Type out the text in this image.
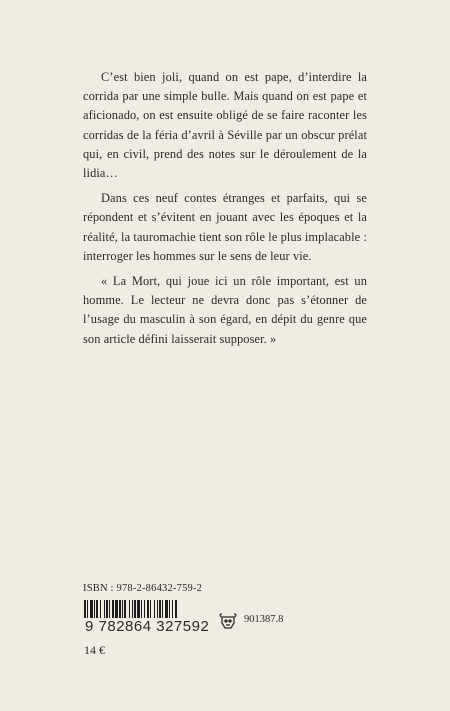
C’est bien joli, quand on est pape, d’interdire la corrida par une simple bulle. Mais quand on est pape et aficionado, on est ensuite obligé de se faire raconter les corridas de la féria d’avril à Séville par un obscur prélat qui, en civil, prend des notes sur le déroulement de la lidia…

Dans ces neuf contes étranges et parfaits, qui se répondent et s’évitent en jouant avec les époques et la réalité, la tauromachie tient son rôle le plus implacable : interroger les hommes sur le sens de leur vie.

« La Mort, qui joue ici un rôle important, est un homme. Le lecteur ne devra donc pas s’étonner de l’usage du masculin à son égard, en dépit du genre que son article défini laisserait supposer. »

ISBN : 978-2-86432-759-2
9 782864 327592	901387.8
14 €
